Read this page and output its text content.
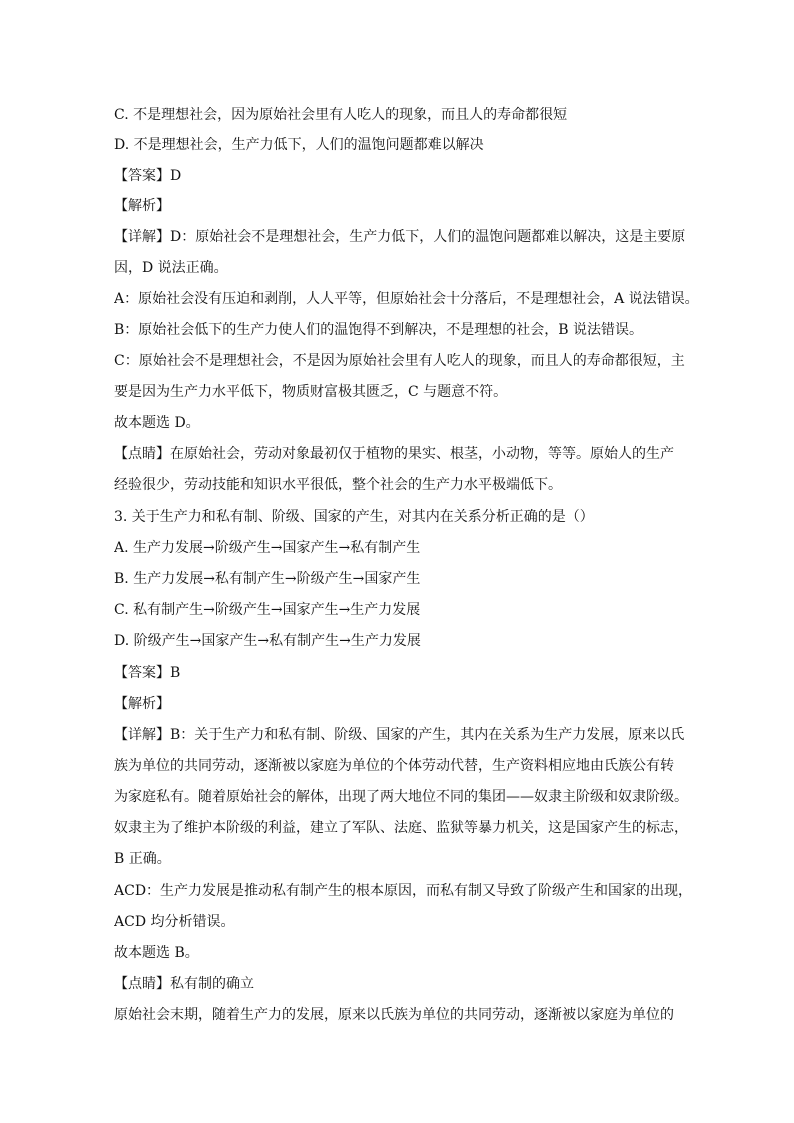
C. 不是理想社会，因为原始社会里有人吃人的现象，而且人的寿命都很短
D. 不是理想社会，生产力低下，人们的温饱问题都难以解决
【答案】D
【解析】
【详解】D：原始社会不是理想社会，生产力低下，人们的温饱问题都难以解决，这是主要原
因，D 说法正确。
A：原始社会没有压迫和剥削，人人平等，但原始社会十分落后，不是理想社会，A 说法错误。
B：原始社会低下的生产力使人们的温饱得不到解决，不是理想的社会，B 说法错误。
C：原始社会不是理想社会，不是因为原始社会里有人吃人的现象，而且人的寿命都很短，主
要是因为生产力水平低下，物质财富极其匮乏，C 与题意不符。
故本题选 D。
【点睛】在原始社会，劳动对象最初仅于植物的果实、根茎，小动物，等等。原始人的生产
经验很少，劳动技能和知识水平很低，整个社会的生产力水平极端低下。
3. 关于生产力和私有制、阶级、国家的产生，对其内在关系分析正确的是（）
A. 生产力发展→阶级产生→国家产生→私有制产生
B. 生产力发展→私有制产生→阶级产生→国家产生
C. 私有制产生→阶级产生→国家产生→生产力发展
D. 阶级产生→国家产生→私有制产生→生产力发展
【答案】B
【解析】
【详解】B：关于生产力和私有制、阶级、国家的产生，其内在关系为生产力发展，原来以氏
族为单位的共同劳动，逐渐被以家庭为单位的个体劳动代替，生产资料相应地由氏族公有转
为家庭私有。随着原始社会的解体，出现了两大地位不同的集团——奴隶主阶级和奴隶阶级。
奴隶主为了维护本阶级的利益，建立了军队、法庭、监狱等暴力机关，这是国家产生的标志，
B 正确。
ACD：生产力发展是推动私有制产生的根本原因，而私有制又导致了阶级产生和国家的出现，
ACD 均分析错误。
故本题选 B。
【点睛】私有制的确立
原始社会末期，随着生产力的发展，原来以氏族为单位的共同劳动，逐渐被以家庭为单位的
